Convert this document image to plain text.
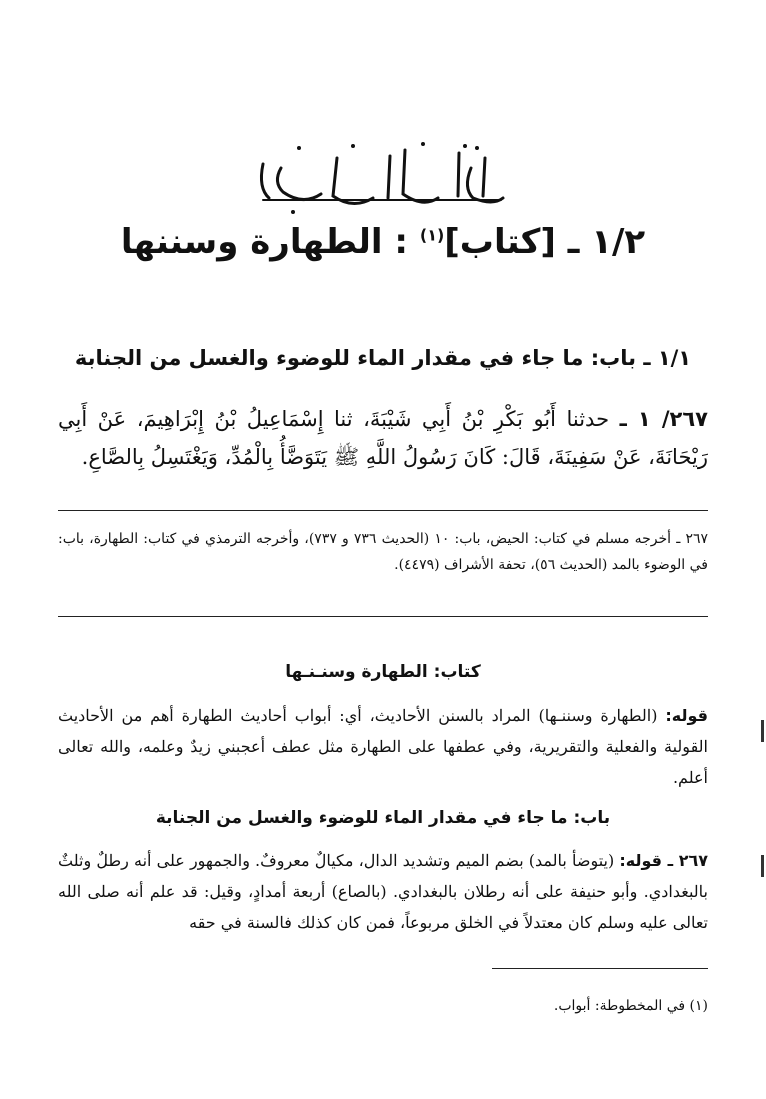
١/٢ ـ [كتاب]$^{(١)}$ : الطهارة وسننها
١/١ ـ باب: ما جاء في مقدار الماء للوضوء والغسل من الجنابة
٢٦٧/ ١ ـ حدثنا أَبُو بَكْرِ بْنُ أَبِي شَيْبَةَ، ثنا إِسْمَاعِيلُ بْنُ إِبْرَاهِيمَ، عَنْ أَبِي رَيْحَانَةَ، عَنْ سَفِينَةَ، قَالَ: كَانَ رَسُولُ اللَّهِ ﷺ يَتَوَضَّأُ بِالْمُدِّ، وَيَغْتَسِلُ بِالصَّاعِ.
٢٦٧ ـ أخرجه مسلم في كتاب: الحيض، باب: ١٠ (الحديث ٧٣٦ و ٧٣٧)، وأخرجه الترمذي في كتاب: الطهارة، باب: في الوضوء بالمد (الحديث ٥٦)، تحفة الأشراف (٤٤٧٩).
كتاب: الطهارة وسنـنـها
قوله: (الطهارة وسننـها) المراد بالسنن الأحاديث، أي: أبواب أحاديث الطهارة أهم من الأحاديث القولية والفعلية والتقريرية، وفي عطفها على الطهارة مثل عطف أعجبني زيدٌ وعلمه، والله تعالى أعلم.
باب: ما جاء في مقدار الماء للوضوء والغسل من الجنابة
٢٦٧ ـ قوله: (يتوضأ بالمد) بضم الميم وتشديد الدال، مكيالٌ معروفٌ. والجمهور على أنه رطلٌ وثلثٌ بالبغدادي. وأبو حنيفة على أنه رطلان بالبغدادي. (بالصاع) أربعة أمدادٍ، وقيل: قد علم أنه صلى الله تعالى عليه وسلم كان معتدلاً في الخلق مربوعاً، فمن كان كذلك فالسنة في حقه
(١) في المخطوطة: أبواب.
